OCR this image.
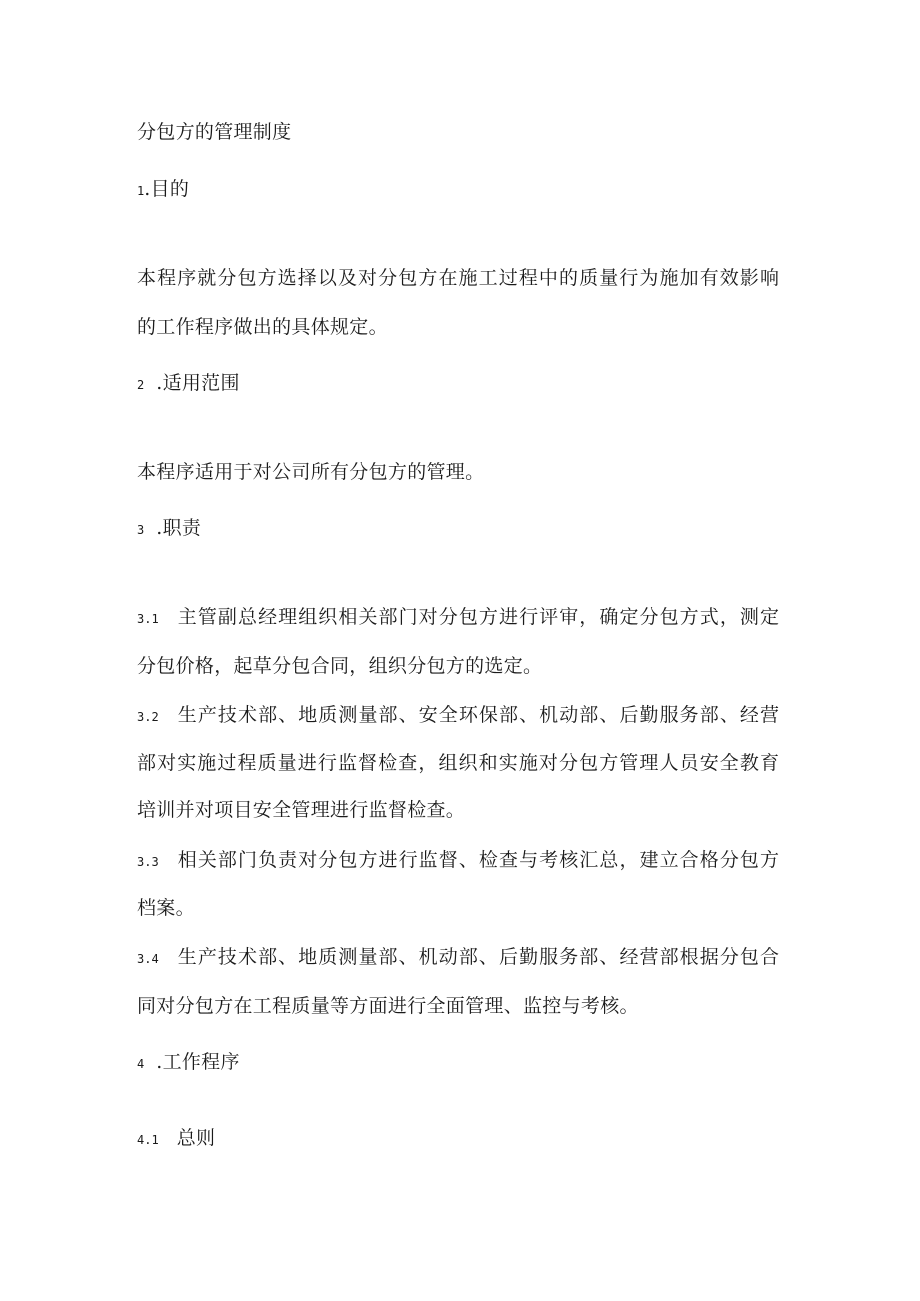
分包方的管理制度
1.目的
本程序就分包方选择以及对分包方在施工过程中的质量行为施加有效影响
的工作程序做出的具体规定。
2 .适用范围
本程序适用于对公司所有分包方的管理。
3 .职责
3.1 主管副总经理组织相关部门对分包方进行评审，确定分包方式，测定
分包价格，起草分包合同，组织分包方的选定。
3.2 生产技术部、地质测量部、安全环保部、机动部、后勤服务部、经营
部对实施过程质量进行监督检查，组织和实施对分包方管理人员安全教育
培训并对项目安全管理进行监督检查。
3.3 相关部门负责对分包方进行监督、检查与考核汇总，建立合格分包方
档案。
3.4 生产技术部、地质测量部、机动部、后勤服务部、经营部根据分包合
同对分包方在工程质量等方面进行全面管理、监控与考核。
4 .工作程序
4.1 总则
